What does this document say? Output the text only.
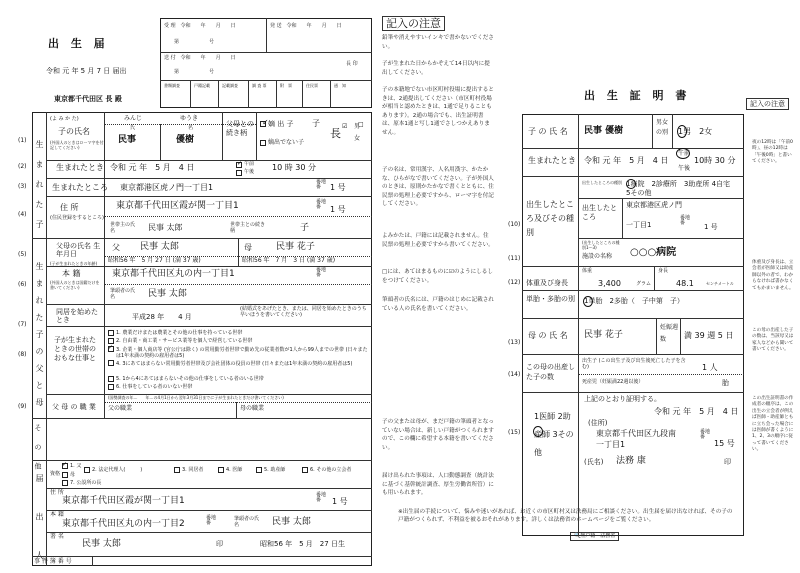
出 生 届
令和 元 年 5 月 7 日 届出
東京都千代田区 長 殿
受 理　令和　　年　　月　　日	発 送　令和　　年　　月　　日
第　　　　　　号
送 付　令和　　年　　月　　日
長 印
第　　　　　　号
書類調査	戸籍記載	記載調査	調 査 票	附　票	住民票	通　知
(1)
(2)
(3)
(4)
(5)
(6)
(7)
(8)
(9)
生まれた子
生まれた子の父と母
(よ み か た)
子の氏名
(外国人のときはローマ字を付記してください)
みんじ	ゆうき
氏	名
民事	優樹
父母との続き柄
✓ 嫡 出 子
嫡出でない子
長
子	男
女
□
☑
生まれたとき 令和 元 年　5 月　4 日	✓ 午前
午後 10 時 30 分
生まれたところ 東京都港区虎ノ門一丁目1
番地 番	1 号
住 所
(住民登録をするところ)
東京都千代田区霞が関一丁目1	番地 番	1 号
世帯主の氏名	民事 太郎	世帯主との続き柄	子
父母の氏名 生年月日
(子が生まれたときの年齢)
父 民事 太郎	母	民事 花子
昭和56 年　5 月 27 日 (満 37 歳)	昭和56 年　7 月　3 日 (満 37 歳)
本 籍
(外国人のときは国籍だけを書いてください)
東京都千代田区丸の内一丁目1	番地 番
筆頭者の氏名	民事 太郎
同居を始めたとき	平成28 年　　4 月
(結婚式をあげたとき、または、同居を始めたときのうち早いほうを書いてください)
子が生まれたときの世帯のおもな仕事と
1. 農業だけまたは農業とその他の仕事を持っている世帯
2. 自由業・商工業・サービス業等を個人で経営している世帯
✓ 3. 企業・個人商店等 (官公庁は除く) の常用勤労者世帯で勤め先の従業者数が1人から99人までの世帯 (日々または1年未満の契約の雇用者は5)
4. 3にあてはまらない常用勤労者世帯及び会社団体の役員の世帯 (日々または1年未満の契約の雇用者は5)
5. 1から4にあてはまらないその他の仕事をしている者のいる世帯
6. 仕事をしている者のいない世帯
父 母 の 職 業
(国勢調査の年…　　年…の4月1日から翌年3月31日までに子が生まれたときだけ書いてください)
父の職業	母の職業
そ の 他
届 出 人 資格
✓ 1. 父
母
2. 法定代理人(　　　)	3. 同居者	4. 医師	5. 助産師	6. その他の立会者
7. 公設所の長
住 所
東京都千代田区霞が関一丁目1
番地 番	1 号
本 籍
東京都千代田区丸の内一丁目2
番地 番
筆頭者の氏名	民事 太郎
署 名
民事 太郎	印	昭和56 年　5 月　27 日生
事 件 簿 番 号
記入の注意
鉛筆や消えやすいインキで書かないでください。
子が生まれた日からかぞえて14日以内に提出してください。
子の本籍地でない市区町村役場に提出するときは、2通提出してください（市区町村役場が相当と認めたときは、1通で足りることもあります）。2通の場合でも、出生証明書は、原本1通と写し1通でさしつかえありません。
子の名は、常用漢字、人名用漢字、かたかな、ひらがなで書いてください。子が外国人のときは、原則かたかなで書くとともに、住民票の処理上必要ですから、ローマ字を付記してください。
よみかたは、戸籍には記載されません。住民票の処理上必要ですから書いてください。
□には、あてはまるものに☑のようにしるしをつけてください。
筆頭者の氏名には、戸籍のはじめに記載されている人の氏名を書いてください。
子の父または母が、まだ戸籍の筆頭者となっていない場合は、新しい戸籍がつくられますので、この欄に希望する本籍を書いてください。
届け出られた事項は、人口動態調査（統計法に基づく基幹統計調査、厚生労働省所管）にも用いられます。
※出生届の手続について、悩みや迷いがあれば、お近くの市区町村又は法務局にご相談ください。出生届を届け出なければ、その子の戸籍がつくられず、不利益を被るおそれがあります。詳しくは法務省のホームページをご覧ください。
🔍無戸籍　法務省
出 生 証 明 書
記入の注意
(10)
(11)
(12)
(13)
(14)
(15)
子 の 氏 名 民事 優樹
男女の別	1男　2女
生まれたとき 令和 元 年　5 月　4 日
午前
午後
10時 30 分
出生したところ及びその種別
出生したところの種別 1病院　2診療所　3助産所 4自宅　5その他
出生したところ
東京都港区虎ノ門
一丁目1
番地 番	1 号
(出生したところの種別1～3)
施設の名称 ○○○病院
体重及び身長
体重
3,400	グラム
身長
48.1	センチメートル
単胎・多胎の別 1単胎　2多胎（　子中第　子）
母 の 氏 名 民事 花子
妊娠週数	満 39 週 5 日
この母の出産した子の数
出生子 (この出生子及び出生後死亡した子を含む)	1 人
死産児（妊娠満22週以後）	胎
1医師 2助産師 3その他
上記のとおり証明する。
令和 元 年　5 月　4 日
(住所)
東京都千代田区九段南
一丁目1
番地 番
15 号
(氏名) 法務 康	印
夜の12時は「午前0時」、昼の12時は「午後0時」と書いてください。
体重及び身長は、立会者が医師又は助産師以外の者で、わからなければ書かなくてもかまいません。
この母の出産した子の数は、当該母又は家人などから聞いて書いてください。
この出生証明書の作成者の順序は、この出生の立会者が例えば医師・助産師ともに立ち会った場合には医師が書くように1、2、3の順序に従って書いてください。
